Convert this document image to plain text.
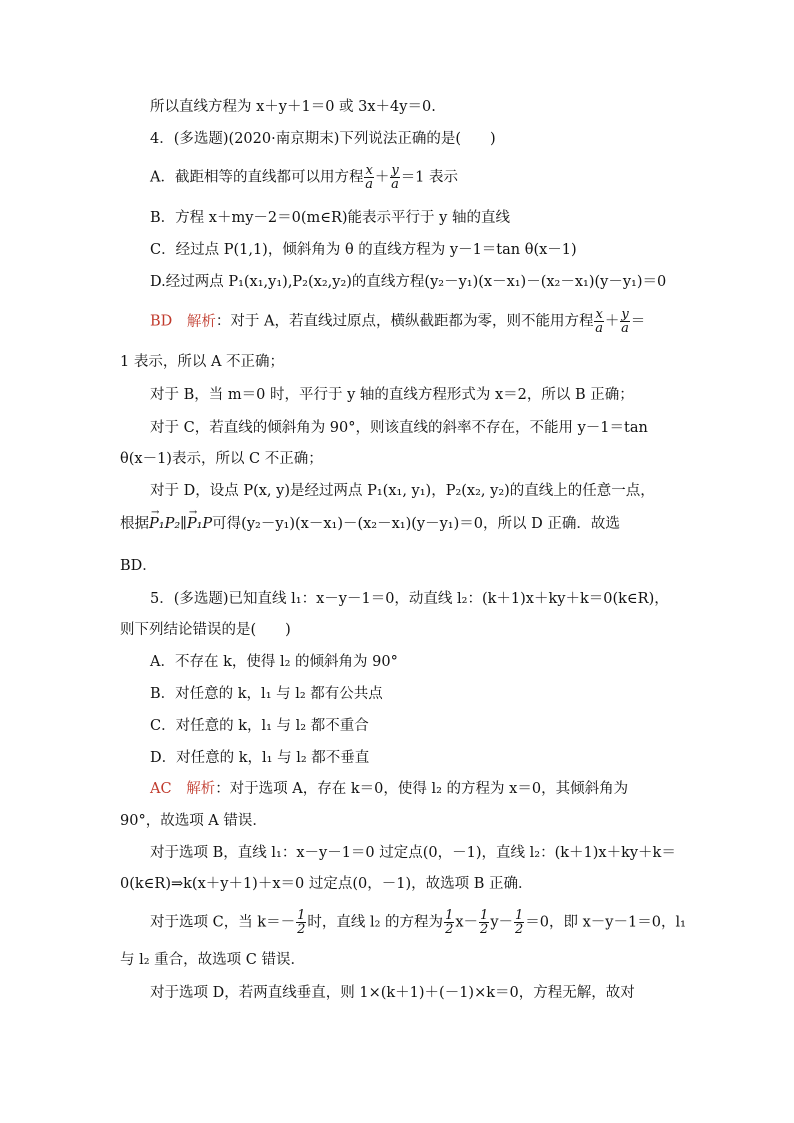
所以直线方程为 x＋y＋1＝0 或 3x＋4y＝0.
4．(多选题)(2020·南京期末)下列说法正确的是(　　)
A．截距相等的直线都可以用方程 $\frac{x}{a} + \frac{y}{a} =1$ 表示
B．方程 x＋my－2＝0(m∈R)能表示平行于 y 轴的直线
C．经过点 P(1,1)，倾斜角为 θ 的直线方程为 y－1＝tan θ(x－1)
D.经过两点 P₁(x₁,y₁),P₂(x₂,y₂)的直线方程(y₂－y₁)(x－x₁)－(x₂－x₁)(y－y₁)＝0
BD 解析：对于 A，若直线过原点，横纵截距都为零，则不能用方程 $\frac{x}{a} + \frac{y}{a}$ ＝
1 表示，所以 A 不正确；
对于 B，当 m＝0 时，平行于 y 轴的直线方程形式为 x＝2，所以 B 正确；
对于 C，若直线的倾斜角为 90°，则该直线的斜率不存在，不能用 y－1＝tan
θ(x－1)表示，所以 C 不正确；
对于 D，设点 P(x, y)是经过两点 P₁(x₁, y₁)，P₂(x₂, y₂)的直线上的任意一点，
根据→ P₁P₂∥→ P₁P可得(y₂－y₁)(x－x₁)－(x₂－x₁)(y－y₁)＝0，所以 D 正确．故选
BD．
5．(多选题)已知直线 l₁：x－y－1＝0，动直线 l₂：(k＋1)x＋ky＋k＝0(k∈R)，
则下列结论错误的是(　　)
A．不存在 k，使得 l₂ 的倾斜角为 90°
B．对任意的 k，l₁ 与 l₂ 都有公共点
C．对任意的 k，l₁ 与 l₂ 都不重合
D．对任意的 k，l₁ 与 l₂ 都不垂直
AC 解析：对于选项 A，存在 k＝0，使得 l₂ 的方程为 x＝0，其倾斜角为
90°，故选项 A 错误．
对于选项 B，直线 l₁：x－y－1＝0 过定点(0，－1)，直线 l₂：(k＋1)x＋ky＋k＝
0(k∈R)⇒k(x＋y＋1)＋x＝0 过定点(0，－1)，故选项 B 正确．
对于选项 C，当 $k=- \frac{1}{2}$ 时，直线 l₂ 的方程为 $\frac{1}{2} x- \frac{1}{2} y- \frac{1}{2} =0$，即 x－y－1＝0，l₁
与 l₂ 重合，故选项 C 错误．
对于选项 D，若两直线垂直，则 1×(k＋1)＋(－1)×k＝0，方程无解，故对
